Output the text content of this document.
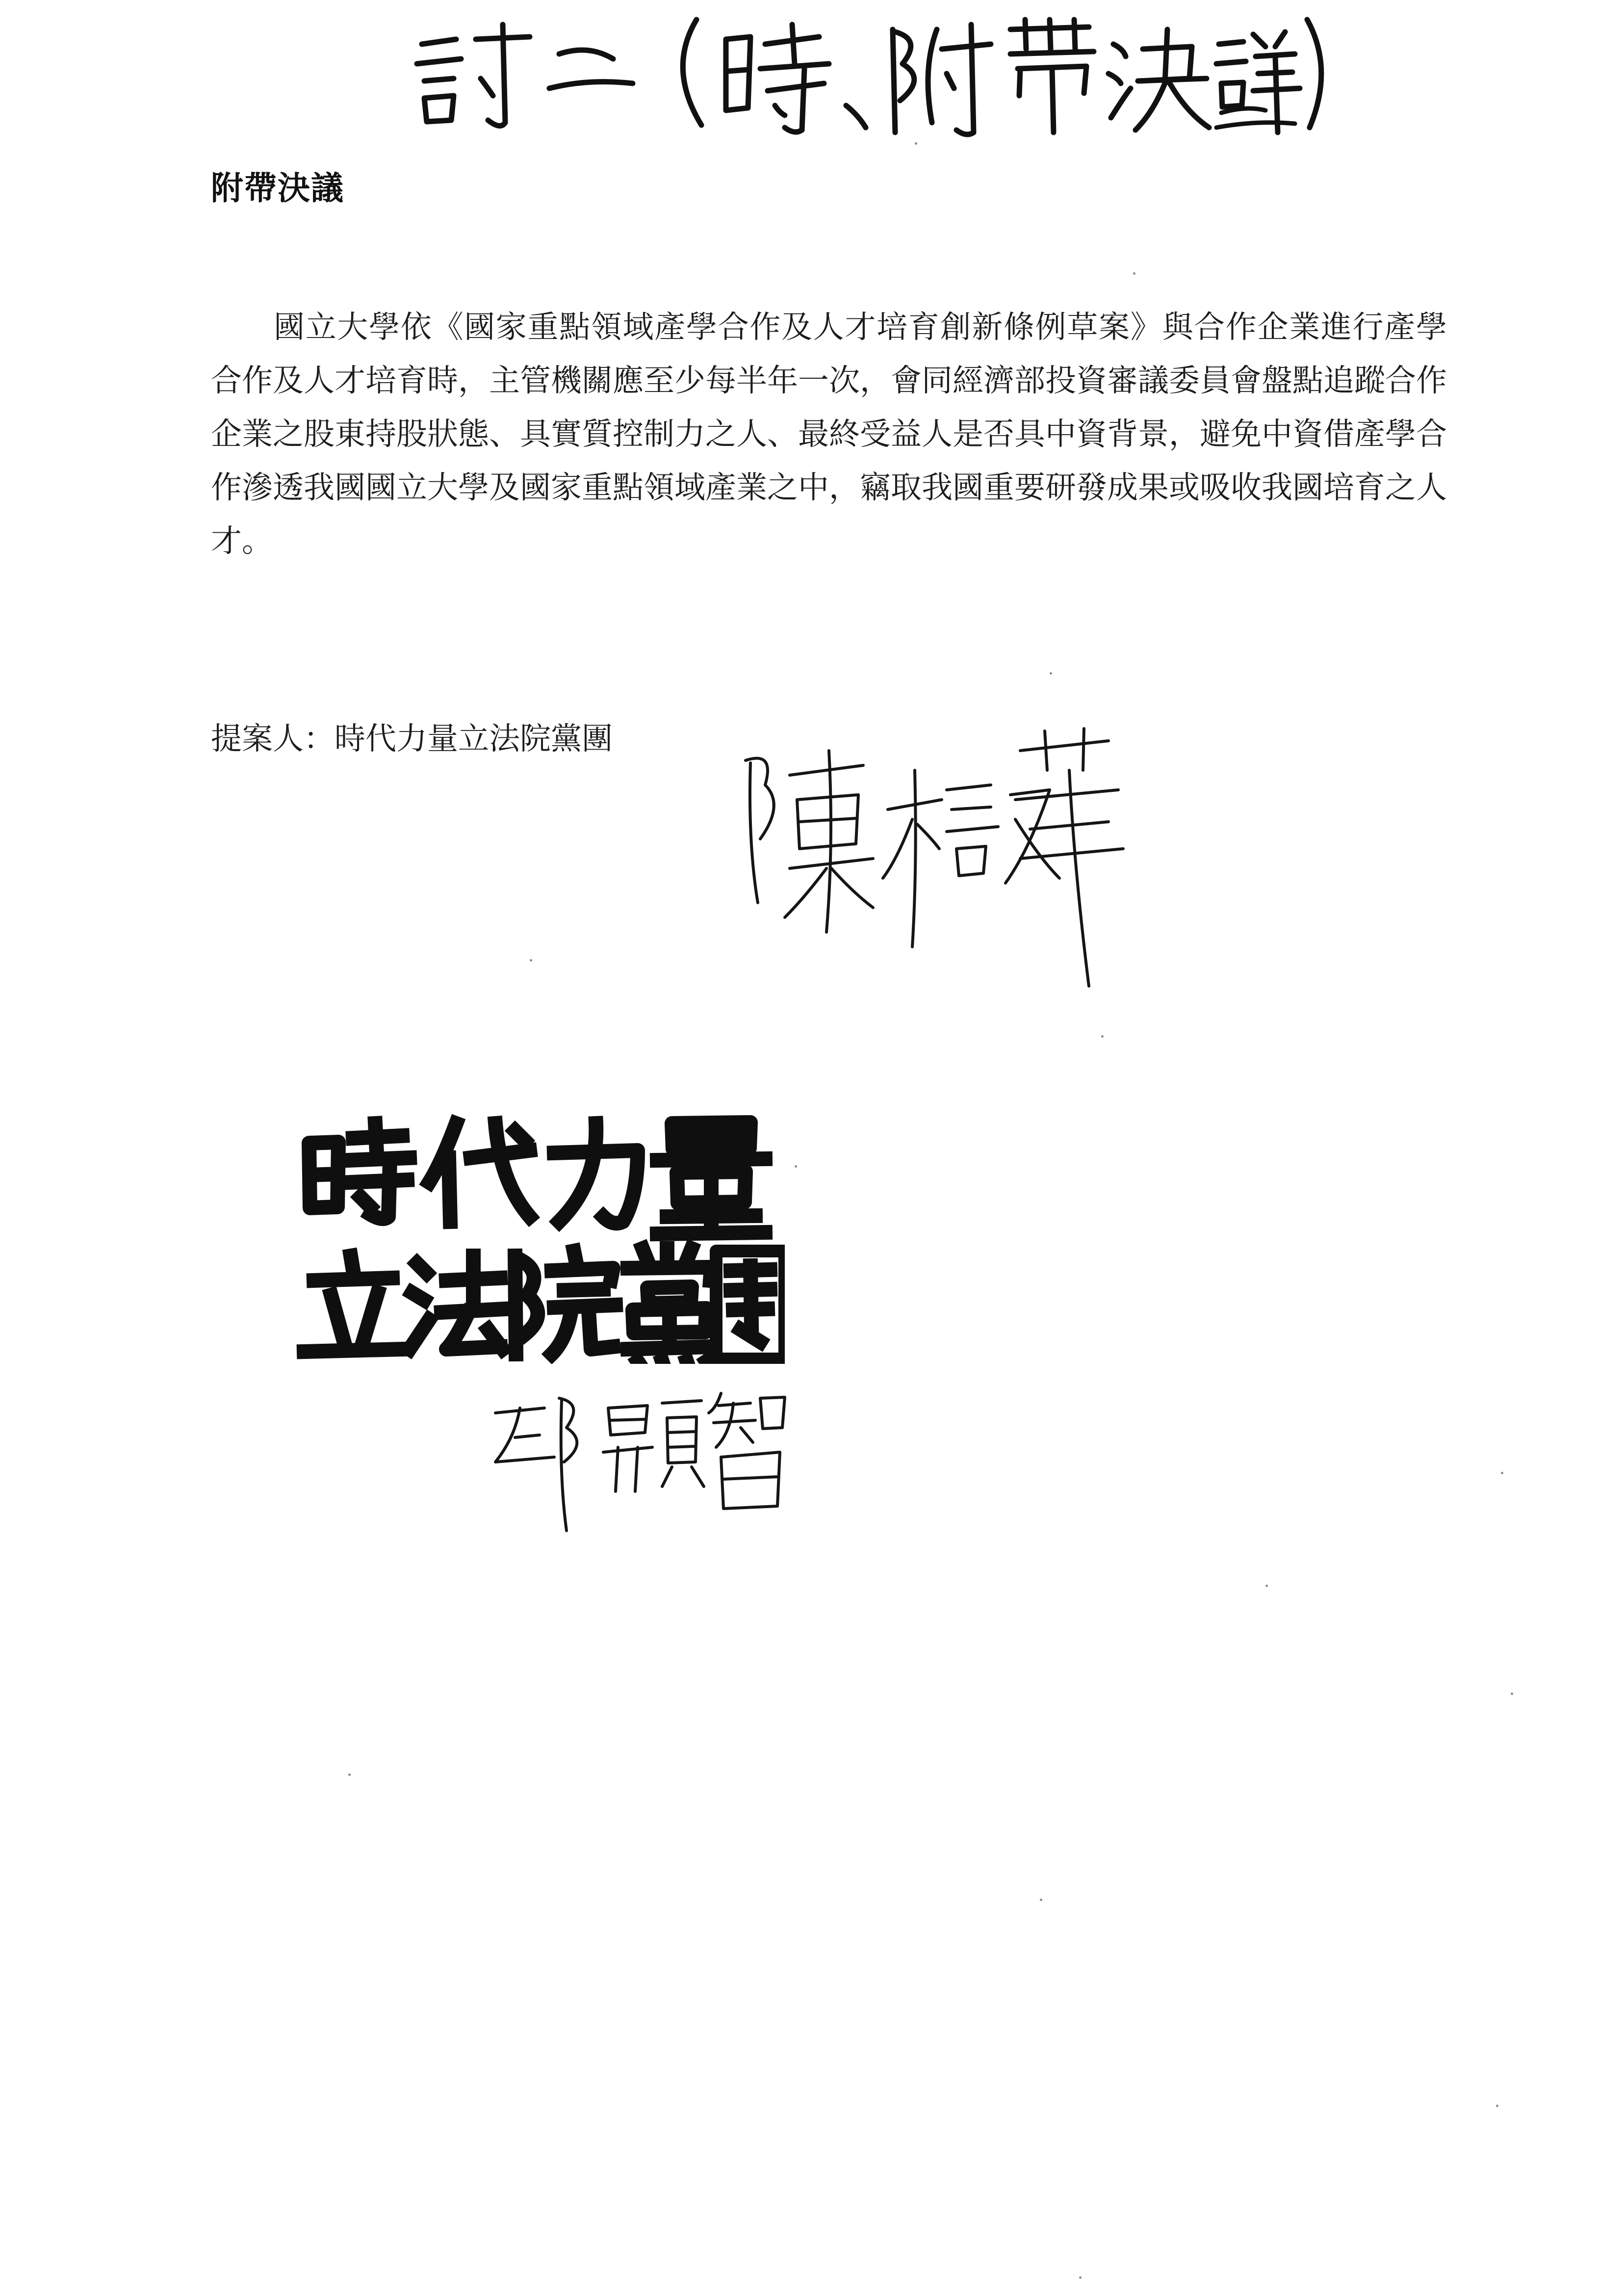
附帶決議
國立大學依《國家重點領域產學合作及人才培育創新條例草案》與合作企業進行產學合作及人才培育時，主管機關應至少每半年一次，會同經濟部投資審議委員會盤點追蹤合作企業之股東持股狀態、具實質控制力之人、最終受益人是否具中資背景，避免中資借產學合作滲透我國國立大學及國家重點領域產業之中，竊取我國重要研發成果或吸收我國培育之人才。
提案人：時代力量立法院黨團
